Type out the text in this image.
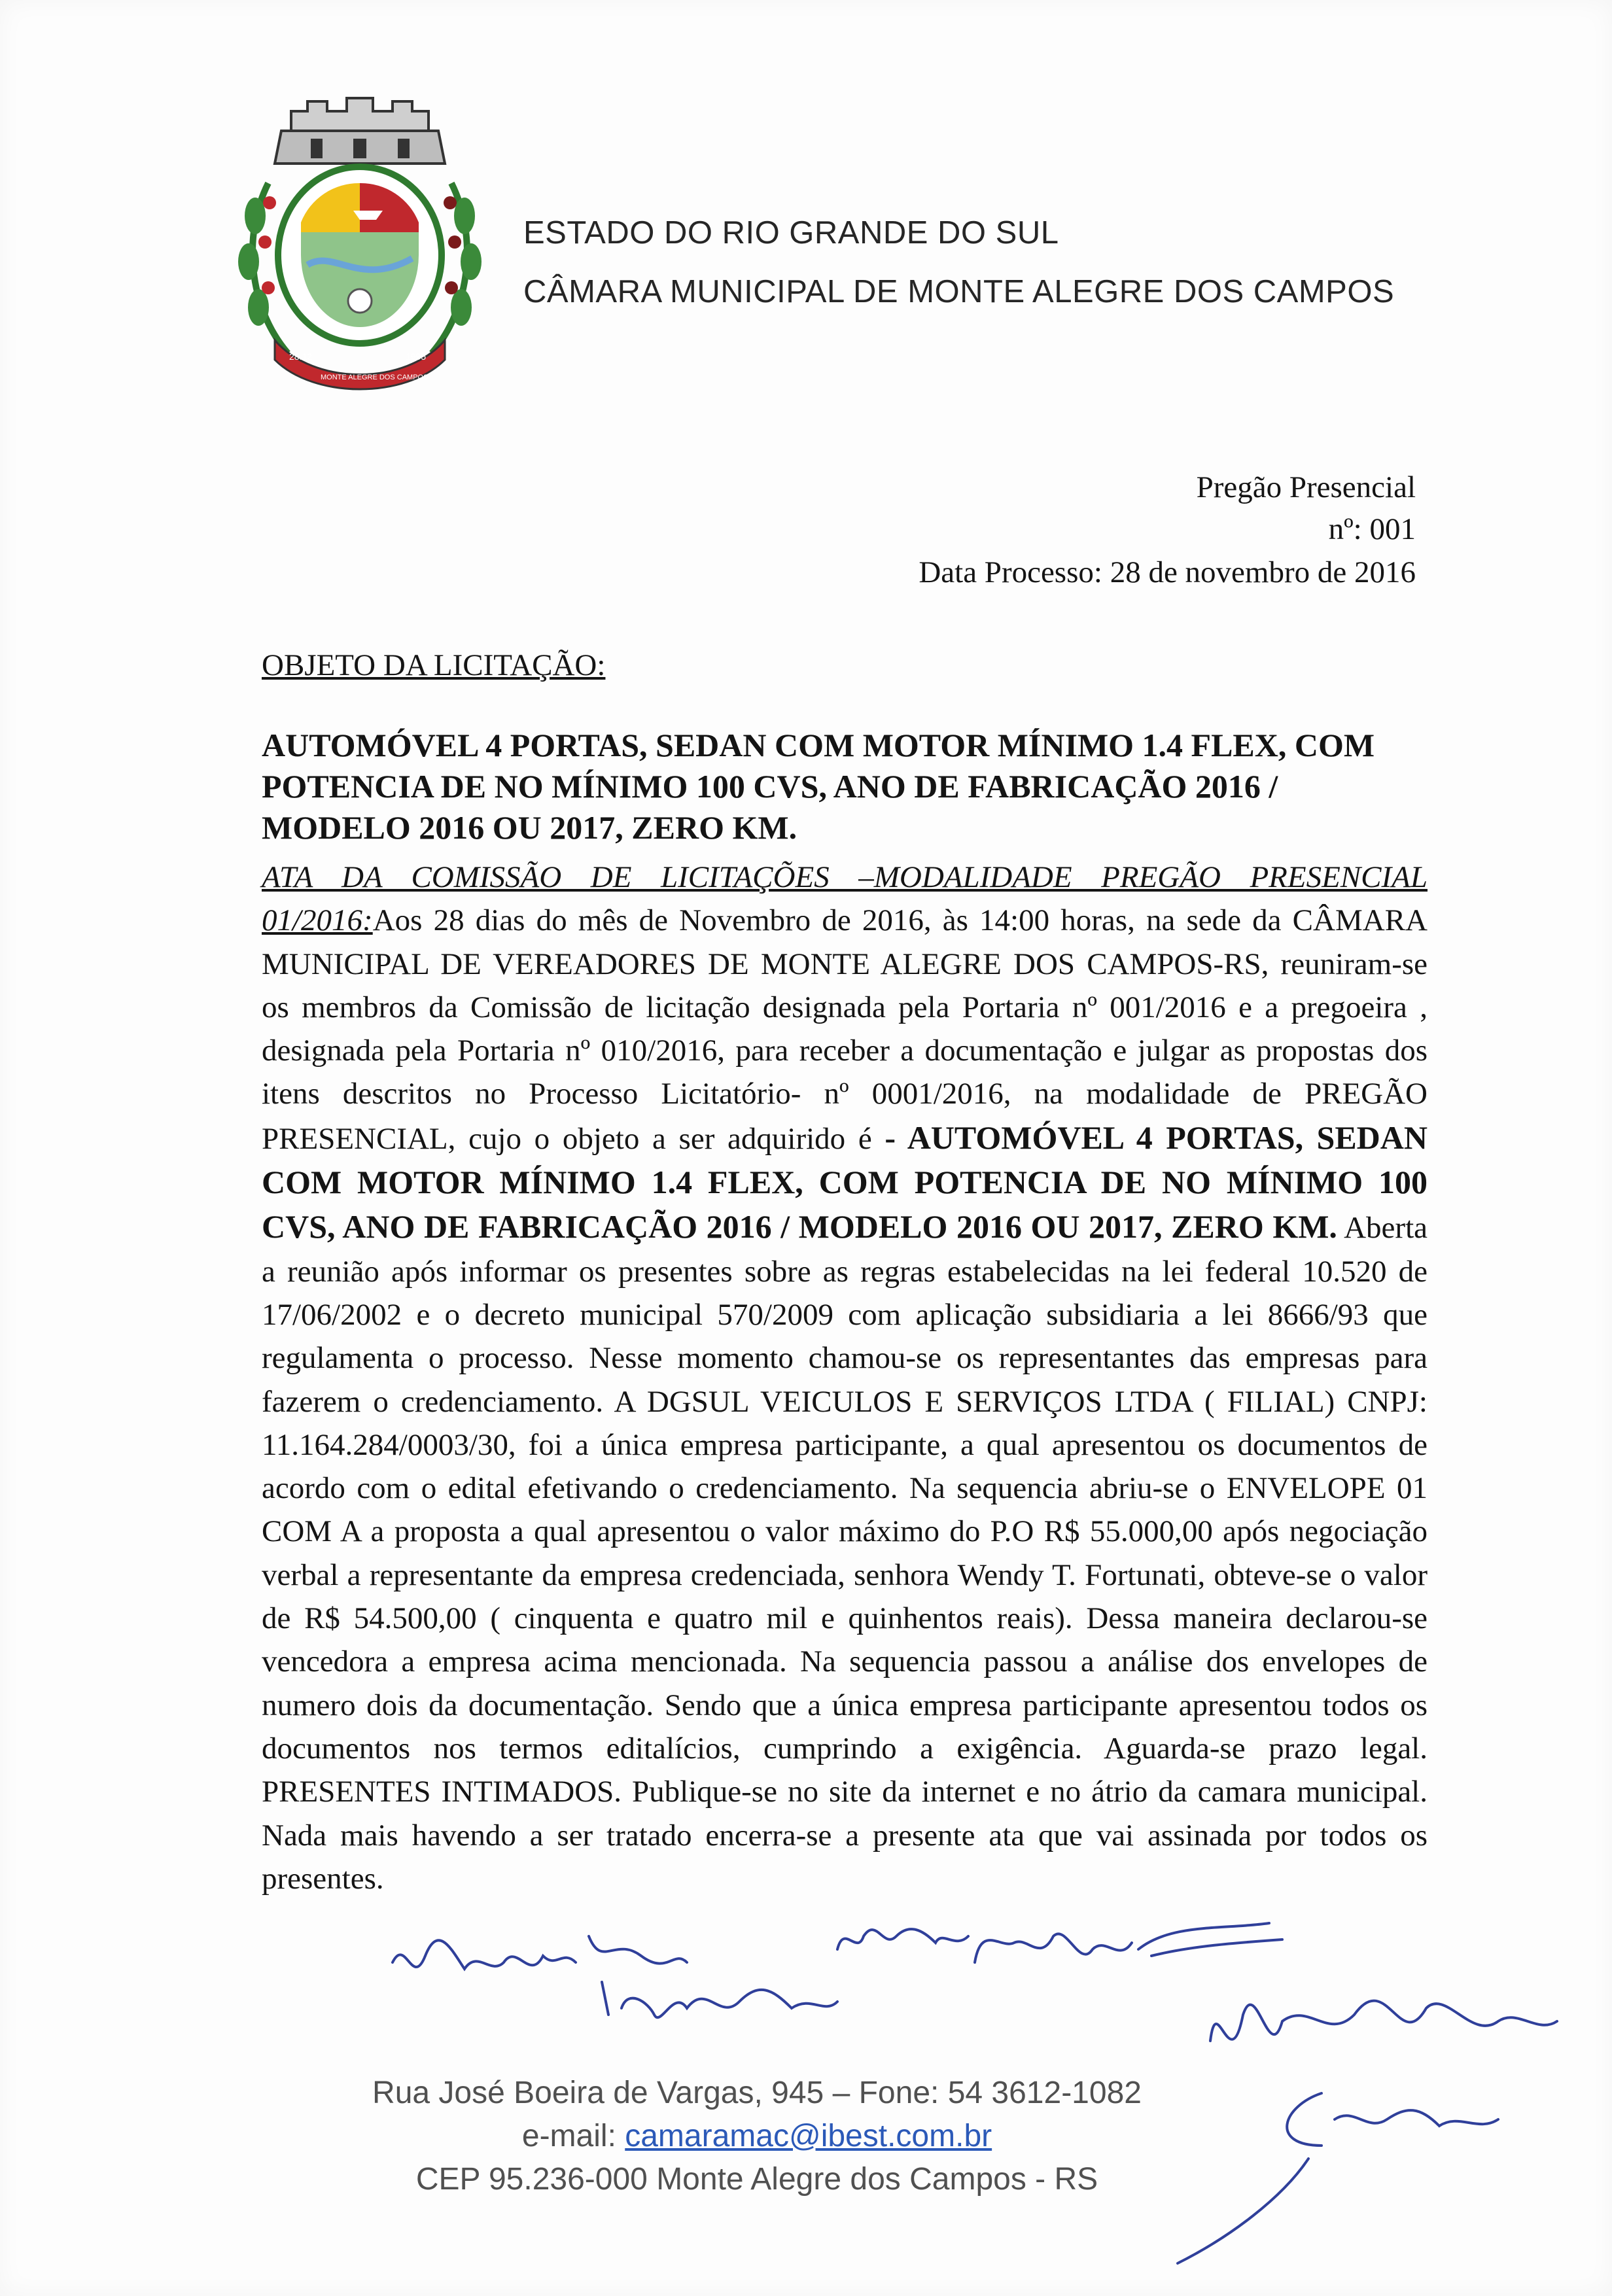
28.12	1995
MONTE ALEGRE DOS CAMPOS
ESTADO DO RIO GRANDE DO SUL
CÂMARA MUNICIPAL DE MONTE ALEGRE DOS CAMPOS
Pregão Presencial
nº: 001
Data Processo: 28 de novembro de 2016
OBJETO DA LICITAÇÃO:
AUTOMÓVEL 4 PORTAS, SEDAN COM MOTOR MÍNIMO 1.4 FLEX, COM POTENCIA DE NO MÍNIMO 100 CVS, ANO DE FABRICAÇÃO 2016 / MODELO 2016 OU 2017, ZERO KM.
ATA DA COMISSÃO DE LICITAÇÕES –MODALIDADE PREGÃO PRESENCIAL 01/2016:Aos 28 dias do mês de Novembro de 2016, às 14:00 horas, na sede da CÂMARA MUNICIPAL DE VEREADORES DE MONTE ALEGRE DOS CAMPOS-RS, reuniram-se os membros da Comissão de licitação designada pela Portaria nº 001/2016 e a pregoeira , designada pela Portaria nº 010/2016, para receber a documentação e julgar as propostas dos itens descritos no Processo Licitatório- nº 0001/2016, na modalidade de PREGÃO PRESENCIAL, cujo o objeto a ser adquirido é - AUTOMÓVEL 4 PORTAS, SEDAN COM MOTOR MÍNIMO 1.4 FLEX, COM POTENCIA DE NO MÍNIMO 100 CVS, ANO DE FABRICAÇÃO 2016 / MODELO 2016 OU 2017, ZERO KM. Aberta a reunião após informar os presentes sobre as regras estabelecidas na lei federal 10.520 de 17/06/2002 e o decreto municipal 570/2009 com aplicação subsidiaria a lei 8666/93 que regulamenta o processo. Nesse momento chamou-se os representantes das empresas para fazerem o credenciamento. A DGSUL VEICULOS E SERVIÇOS LTDA ( FILIAL) CNPJ: 11.164.284/0003/30, foi a única empresa participante, a qual apresentou os documentos de acordo com o edital efetivando o credenciamento. Na sequencia abriu-se o ENVELOPE 01 COM A a proposta a qual apresentou o valor máximo do P.O R$ 55.000,00 após negociação verbal a representante da empresa credenciada, senhora Wendy T. Fortunati, obteve-se o valor de R$ 54.500,00 ( cinquenta e quatro mil e quinhentos reais). Dessa maneira declarou-se vencedora a empresa acima mencionada. Na sequencia passou a análise dos envelopes de numero dois da documentação. Sendo que a única empresa participante apresentou todos os documentos nos termos editalícios, cumprindo a exigência. Aguarda-se prazo legal. PRESENTES INTIMADOS. Publique-se no site da internet e no átrio da camara municipal. Nada mais havendo a ser tratado encerra-se a presente ata que vai assinada por todos os presentes.
Rua José Boeira de Vargas, 945 – Fone: 54 3612-1082
e-mail: camaramac@ibest.com.br
CEP 95.236-000 Monte Alegre dos Campos - RS
